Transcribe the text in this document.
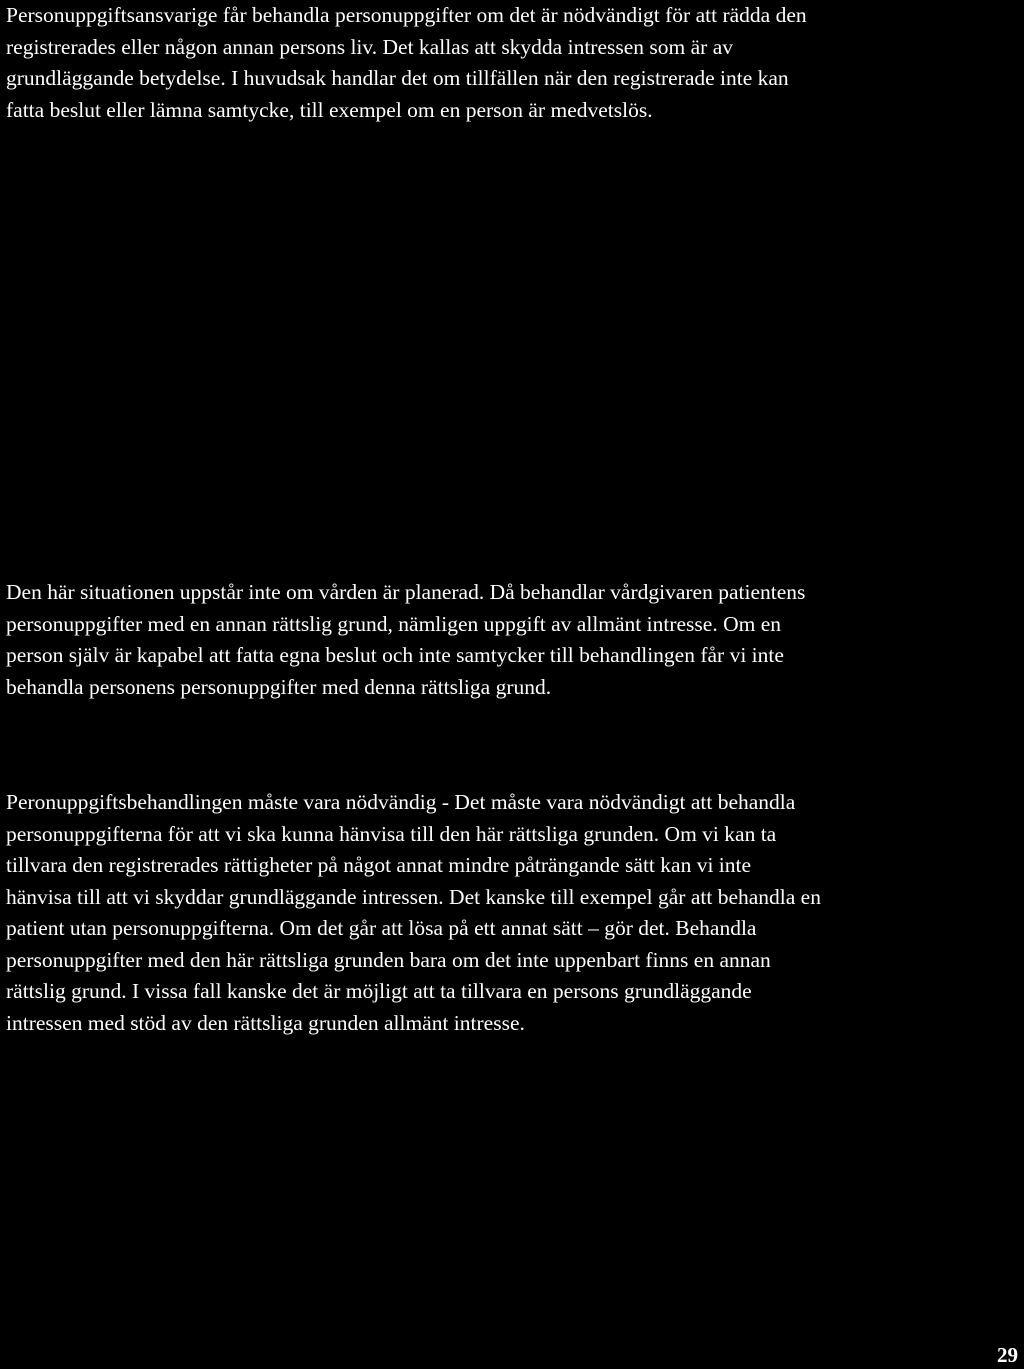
Personuppgiftsansvarige får behandla personuppgifter om det är nödvändigt för att rädda den
registrerades eller någon annan persons liv. Det kallas att skydda intressen som är av
grundläggande betydelse. I huvudsak handlar det om tillfällen när den registrerade inte kan
fatta beslut eller lämna samtycke, till exempel om en person är medvetslös.

Den här situationen uppstår inte om vården är planerad. Då behandlar vårdgivaren patientens
personuppgifter med en annan rättslig grund, nämligen uppgift av allmänt intresse. Om en
person själv är kapabel att fatta egna beslut och inte samtycker till behandlingen får vi inte
behandla personens personuppgifter med denna rättsliga grund.

Peronuppgiftsbehandlingen måste vara nödvändig - Det måste vara nödvändigt att behandla
personuppgifterna för att vi ska kunna hänvisa till den här rättsliga grunden. Om vi kan ta
tillvara den registrerades rättigheter på något annat mindre påträngande sätt kan vi inte
hänvisa till att vi skyddar grundläggande intressen. Det kanske till exempel går att behandla en
patient utan personuppgifterna. Om det går att lösa på ett annat sätt – gör det. Behandla
personuppgifter med den här rättsliga grunden bara om det inte uppenbart finns en annan
rättslig grund. I vissa fall kanske det är möjligt att ta tillvara en persons grundläggande
intressen med stöd av den rättsliga grunden allmänt intresse.

29
